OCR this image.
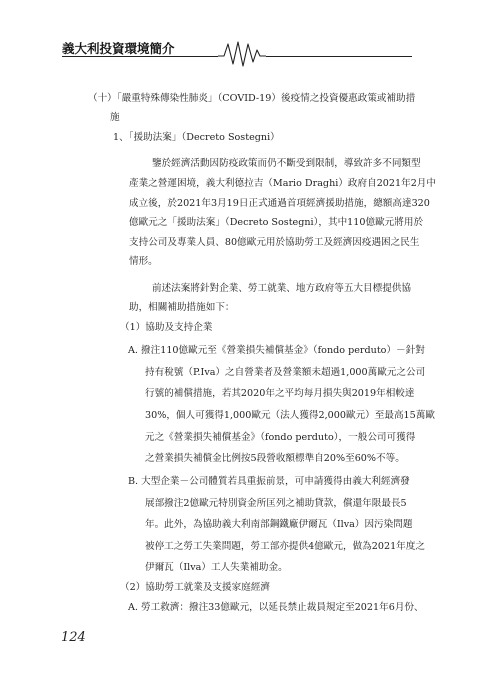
義大利投資環境簡介
（十）「嚴重特殊傳染性肺炎」（COVID-19）後疫情之投資優惠政策或補助措
施
1、「援助法案」（Decreto Sostegni）
鑒於經濟活動因防疫政策而仍不斷受到限制，導致許多不同類型
產業之營運困境，義大利德拉吉（Mario Draghi）政府自2021年2月中
成立後，於2021年3月19日正式通過首項經濟援助措施，總額高達320
億歐元之「援助法案」（Decreto Sostegni），其中110億歐元將用於
支持公司及專業人員、80億歐元用於協助勞工及經濟因疫遇困之民生
情形。
前述法案將針對企業、勞工就業、地方政府等五大目標提供協
助，相關補助措施如下：
（1）協助及支持企業
A. 撥注110億歐元至《營業損失補償基金》（fondo perduto）－針對
持有稅號（P.Iva）之自營業者及營業額未超過1,000萬歐元之公司
行號的補償措施，若其2020年之平均每月損失與2019年相較達
30%，個人可獲得1,000歐元（法人獲得2,000歐元）至最高15萬歐
元之《營業損失補償基金》（fondo perduto），一般公司可獲得
之營業損失補償金比例按5段營收額標準自20%至60%不等。
B. 大型企業－公司體質若具重振前景，可申請獲得由義大利經濟發
展部撥注2億歐元特別資金所匡列之補助貸款，償還年限最長5
年。此外，為協助義大利南部鋼鐵廠伊爾瓦（Ilva）因污染問題
被停工之勞工失業問題，勞工部亦提供4億歐元，做為2021年度之
伊爾瓦（Ilva）工人失業補助金。
（2）協助勞工就業及支援家庭經濟
A. 勞工救濟：撥注33億歐元，以延長禁止裁員規定至2021年6月份、
124
